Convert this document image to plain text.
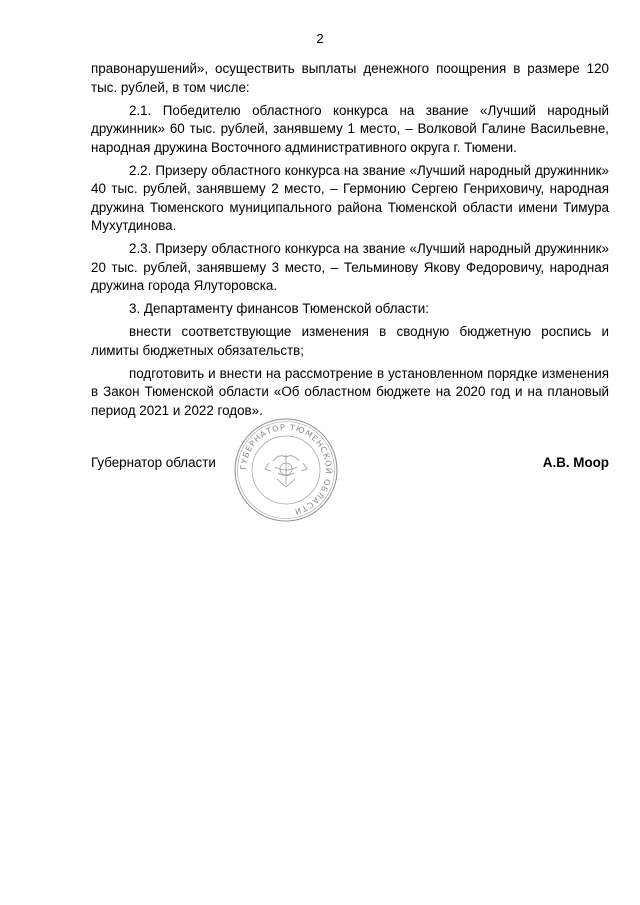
2

правонарушений», осуществить выплаты денежного поощрения в размере 120 тыс. рублей, в том числе:

2.1. Победителю областного конкурса на звание «Лучший народный дружинник» 60 тыс. рублей, занявшему 1 место, – Волковой Галине Васильевне, народная дружина Восточного административного округа г. Тюмени.

2.2. Призеру областного конкурса на звание «Лучший народный дружинник» 40 тыс. рублей, занявшему 2 место, – Гермонию Сергею Генриховичу, народная дружина Тюменского муниципального района Тюменской области имени Тимура Мухутдинова.

2.3. Призеру областного конкурса на звание «Лучший народный дружинник» 20 тыс. рублей, занявшему 3 место, – Тельминову Якову Федоровичу, народная дружина города Ялуторовска.

3. Департаменту финансов Тюменской области:

внести соответствующие изменения в сводную бюджетную роспись и лимиты бюджетных обязательств;

подготовить и внести на рассмотрение в установленном порядке изменения в Закон Тюменской области «Об областном бюджете на 2020 год и на плановый период 2021 и 2022 годов».

Губернатор области	А.В. Моор
ГУБЕРНАТОР ТЮМЕНСКОЙ ОБЛАСТИ
